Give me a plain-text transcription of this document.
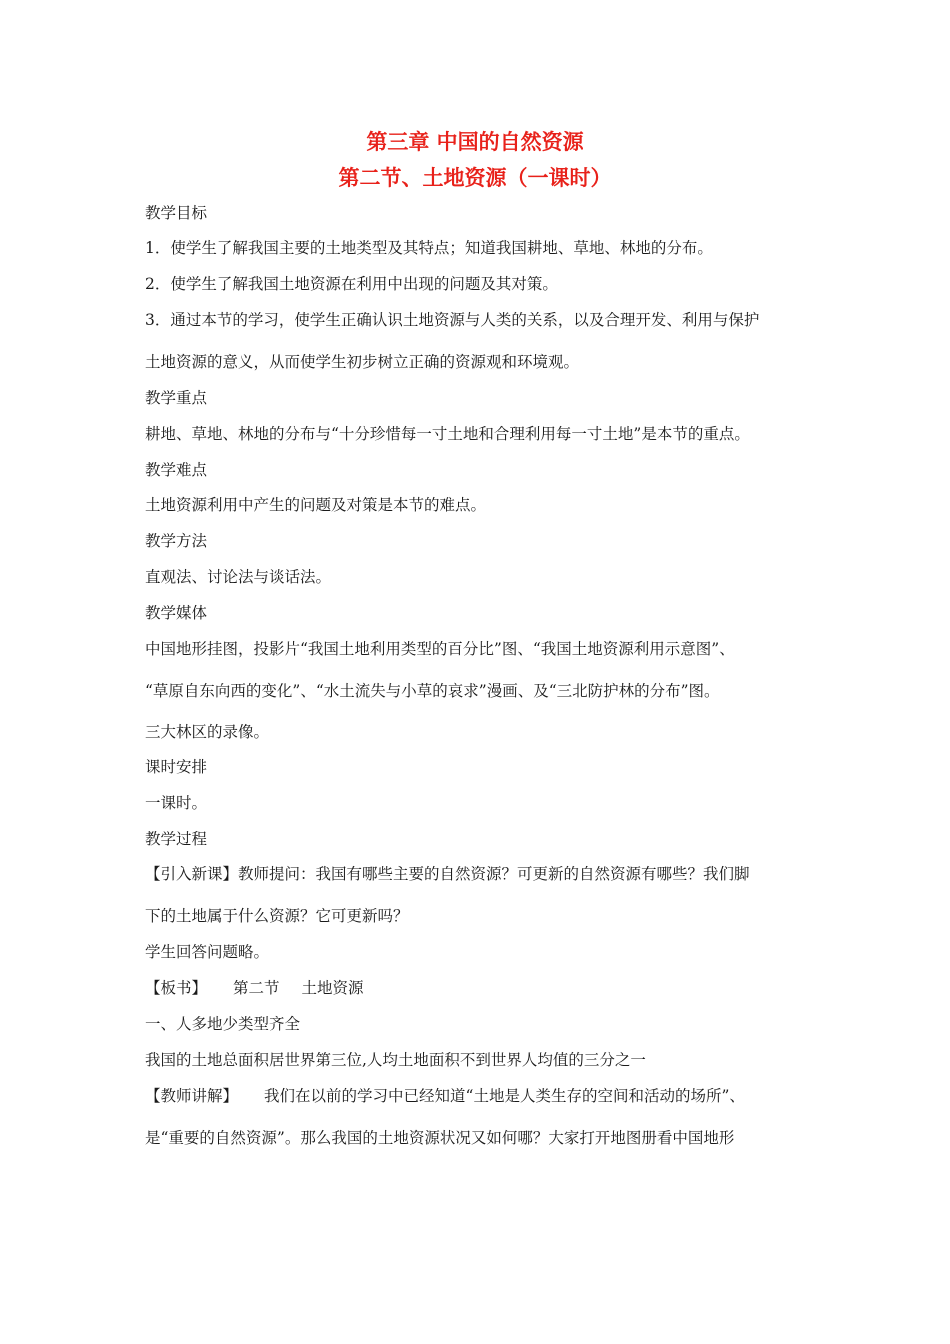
第三章 中国的自然资源
第二节、土地资源（一课时）
教学目标
1．使学生了解我国主要的土地类型及其特点；知道我国耕地、草地、林地的分布。
2．使学生了解我国土地资源在利用中出现的问题及其对策。
3．通过本节的学习，使学生正确认识土地资源与人类的关系，以及合理开发、利用与保护
土地资源的意义，从而使学生初步树立正确的资源观和环境观。
教学重点
耕地、草地、林地的分布与“十分珍惜每一寸土地和合理利用每一寸土地”是本节的重点。
教学难点
土地资源利用中产生的问题及对策是本节的难点。
教学方法
直观法、讨论法与谈话法。
教学媒体
中国地形挂图，投影片“我国土地利用类型的百分比”图、“我国土地资源利用示意图”、
“草原自东向西的变化”、“水土流失与小草的哀求”漫画、及“三北防护林的分布”图。
三大林区的录像。
课时安排
一课时。
教学过程
【引入新课】教师提问：我国有哪些主要的自然资源？可更新的自然资源有哪些？我们脚
下的土地属于什么资源？它可更新吗？
学生回答问题略。
【板书】 第二节 土地资源
一、人多地少类型齐全
我国的土地总面积居世界第三位,人均土地面积不到世界人均值的三分之一
【教师讲解】 我们在以前的学习中已经知道“土地是人类生存的空间和活动的场所”、
是“重要的自然资源”。那么我国的土地资源状况又如何哪？大家打开地图册看中国地形
